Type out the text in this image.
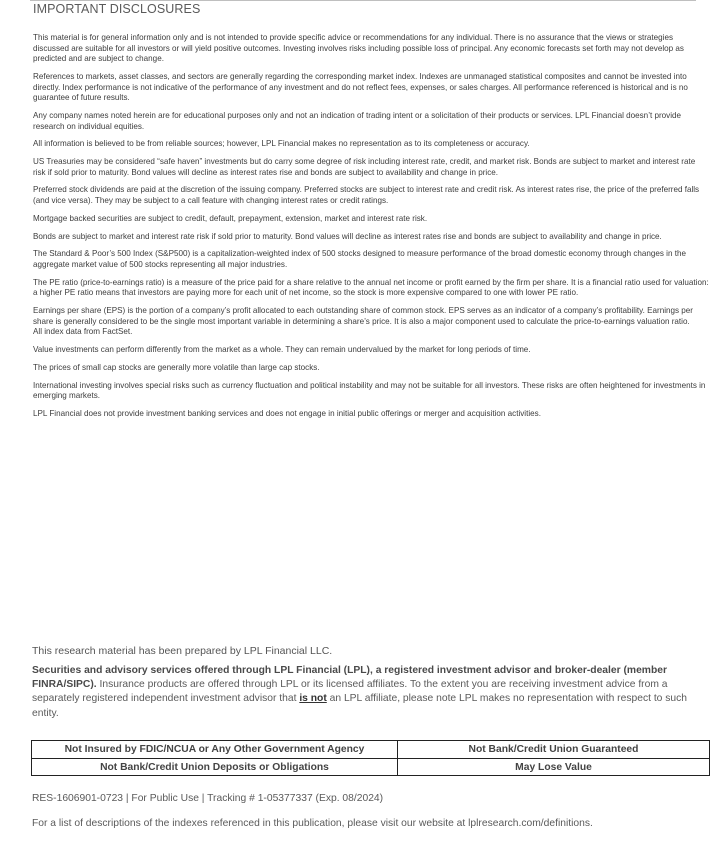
IMPORTANT DISCLOSURES

This material is for general information only and is not intended to provide specific advice or recommendations for any individual. There is no assurance that the views or strategies discussed are suitable for all investors or will yield positive outcomes. Investing involves risks including possible loss of principal. Any economic forecasts set forth may not develop as predicted and are subject to change.

References to markets, asset classes, and sectors are generally regarding the corresponding market index. Indexes are unmanaged statistical composites and cannot be invested into directly. Index performance is not indicative of the performance of any investment and do not reflect fees, expenses, or sales charges. All performance referenced is historical and is no guarantee of future results.

Any company names noted herein are for educational purposes only and not an indication of trading intent or a solicitation of their products or services. LPL Financial doesn’t provide research on individual equities.

All information is believed to be from reliable sources; however, LPL Financial makes no representation as to its completeness or accuracy.

US Treasuries may be considered “safe haven” investments but do carry some degree of risk including interest rate, credit, and market risk. Bonds are subject to market and interest rate risk if sold prior to maturity. Bond values will decline as interest rates rise and bonds are subject to availability and change in price.

Preferred stock dividends are paid at the discretion of the issuing company. Preferred stocks are subject to interest rate and credit risk. As interest rates rise, the price of the preferred falls (and vice versa). They may be subject to a call feature with changing interest rates or credit ratings.

Mortgage backed securities are subject to credit, default, prepayment, extension, market and interest rate risk.

Bonds are subject to market and interest rate risk if sold prior to maturity. Bond values will decline as interest rates rise and bonds are subject to availability and change in price.

The Standard & Poor’s 500 Index (S&P500) is a capitalization-weighted index of 500 stocks designed to measure performance of the broad domestic economy through changes in the aggregate market value of 500 stocks representing all major industries.

The PE ratio (price-to-earnings ratio) is a measure of the price paid for a share relative to the annual net income or profit earned by the firm per share. It is a financial ratio used for valuation: a higher PE ratio means that investors are paying more for each unit of net income, so the stock is more expensive compared to one with lower PE ratio.

Earnings per share (EPS) is the portion of a company’s profit allocated to each outstanding share of common stock. EPS serves as an indicator of a company’s profitability. Earnings per share is generally considered to be the single most important variable in determining a share’s price. It is also a major component used to calculate the price-to-earnings valuation ratio.
All index data from FactSet.

Value investments can perform differently from the market as a whole. They can remain undervalued by the market for long periods of time.

The prices of small cap stocks are generally more volatile than large cap stocks.

International investing involves special risks such as currency fluctuation and political instability and may not be suitable for all investors. These risks are often heightened for investments in emerging markets.

LPL Financial does not provide investment banking services and does not engage in initial public offerings or merger and acquisition activities.

This research material has been prepared by LPL Financial LLC.
Securities and advisory services offered through LPL Financial (LPL), a registered investment advisor and broker-dealer (member FINRA/SIPC). Insurance products are offered through LPL or its licensed affiliates. To the extent you are receiving investment advice from a separately registered independent investment advisor that is not an LPL affiliate, please note LPL makes no representation with respect to such entity.
Not Insured by FDIC/NCUA or Any Other Government Agency	Not Bank/Credit Union Guaranteed
Not Bank/Credit Union Deposits or Obligations	May Lose Value
RES-1606901-0723 | For Public Use | Tracking # 1-05377337 (Exp. 08/2024)
For a list of descriptions of the indexes referenced in this publication, please visit our website at lplresearch.com/definitions.
